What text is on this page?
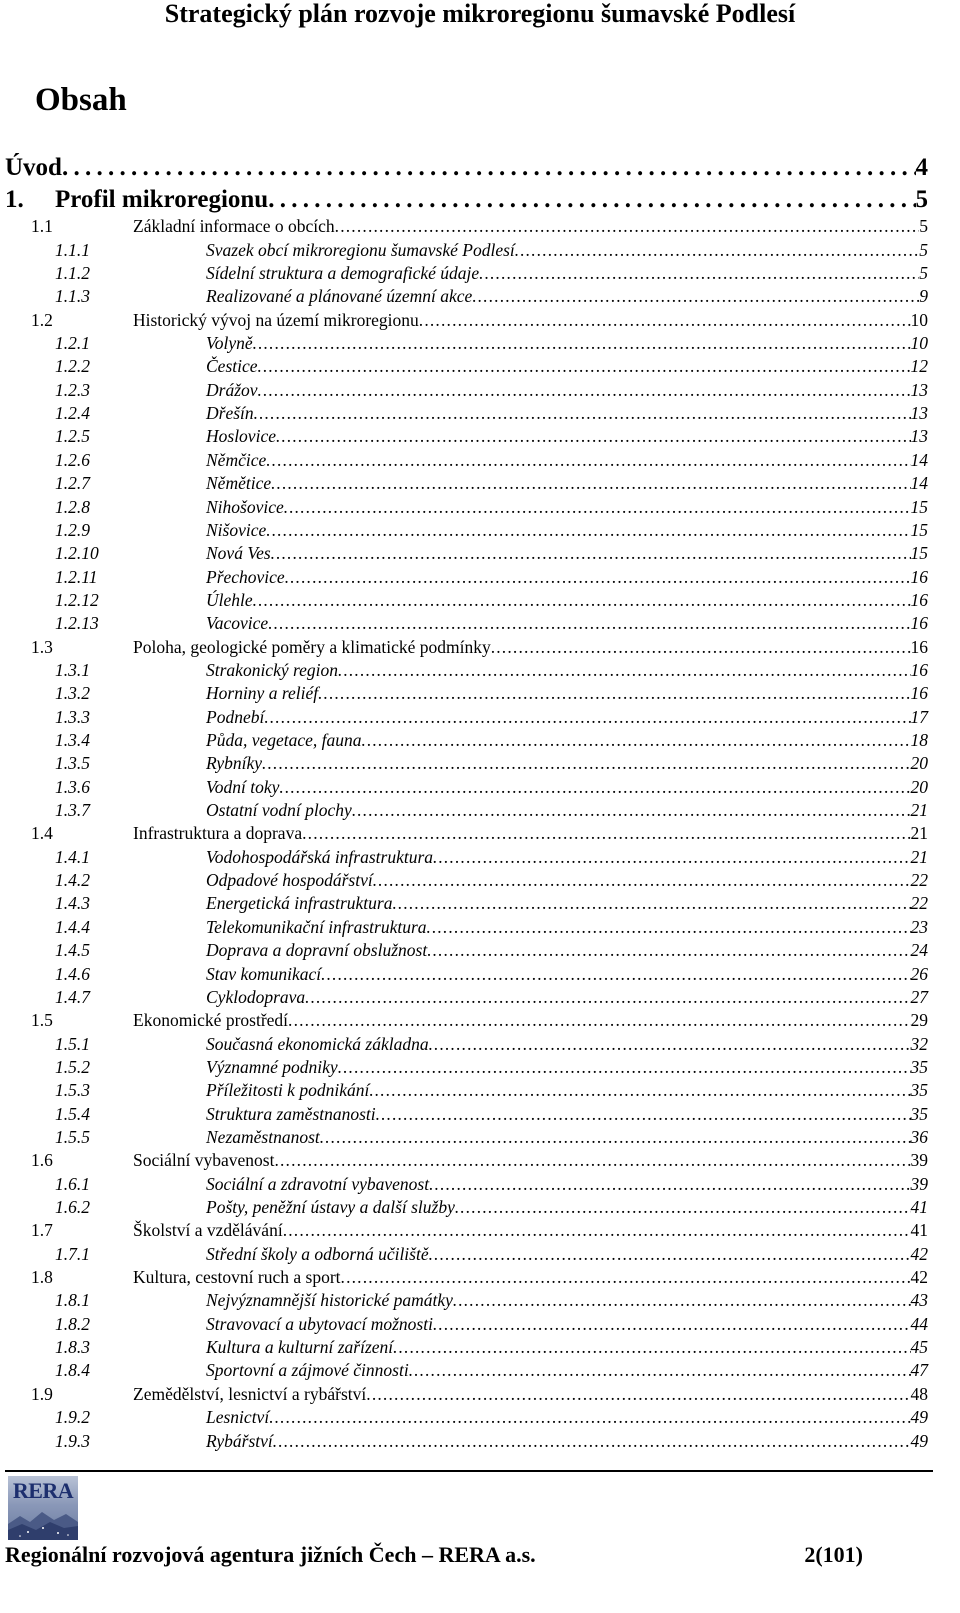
Strategický plán rozvoje mikroregionu šumavské Podlesí
Obsah
Úvod . . .	4
1.	Profil mikroregionu . . .	5
1.1	Základní informace o obcích . . .	5
1.1.1	Svazek obcí mikroregionu šumavské Podlesí . . .	5
1.1.2	Sídelní struktura a demografické údaje . . .	5
1.1.3	Realizované a plánované územní akce . . .	9
1.2	Historický vývoj na území mikroregionu . . .	10
1.2.1	Volyně . . .	10
1.2.2	Čestice . . .	12
1.2.3	Drážov . . .	13
1.2.4	Dřešín . . .	13
1.2.5	Hoslovice . . .	13
1.2.6	Němčice . . .	14
1.2.7	Němětice . . .	14
1.2.8	Nihošovice . . .	15
1.2.9	Nišovice . . .	15
1.2.10	Nová Ves . . .	15
1.2.11	Přechovice . . .	16
1.2.12	Úlehle . . .	16
1.2.13	Vacovice . . .	16
1.3	Poloha, geologické poměry a klimatické podmínky . . .	16
1.3.1	Strakonický region . . .	16
1.3.2	Horniny a reliéf . . .	16
1.3.3	Podnebí . . .	17
1.3.4	Půda, vegetace, fauna . . .	18
1.3.5	Rybníky . . .	20
1.3.6	Vodní toky . . .	20
1.3.7	Ostatní vodní plochy . . .	21
1.4	Infrastruktura a doprava . . .	21
1.4.1	Vodohospodářská infrastruktura . . .	21
1.4.2	Odpadové hospodářství . . .	22
1.4.3	Energetická infrastruktura . . .	22
1.4.4	Telekomunikační infrastruktura . . .	23
1.4.5	Doprava a dopravní obslužnost . . .	24
1.4.6	Stav komunikací . . .	26
1.4.7	Cyklodoprava . . .	27
1.5	Ekonomické prostředí . . .	29
1.5.1	Současná ekonomická základna . . .	32
1.5.2	Významné podniky . . .	35
1.5.3	Příležitosti k podnikání . . .	35
1.5.4	Struktura zaměstnanosti . . .	35
1.5.5	Nezaměstnanost . . .	36
1.6	Sociální vybavenost . . .	39
1.6.1	Sociální a zdravotní vybavenost . . .	39
1.6.2	Pošty, peněžní ústavy a další služby . . .	41
1.7	Školství a vzdělávání . . .	41
1.7.1	Střední školy a odborná učiliště . . .	42
1.8	Kultura, cestovní ruch a sport . . .	42
1.8.1	Nejvýznamnější historické památky . . .	43
1.8.2	Stravovací a ubytovací možnosti . . .	44
1.8.3	Kultura a kulturní zařízení . . .	45
1.8.4	Sportovní a zájmové činnosti . . .	47
1.9	Zemědělství, lesnictví a rybářství . . .	48
1.9.2	Lesnictví . . .	49
1.9.3	Rybářství . . .	49
RERA
Regionální rozvojová agentura jižních Čech – RERA a.s.	2(101)
